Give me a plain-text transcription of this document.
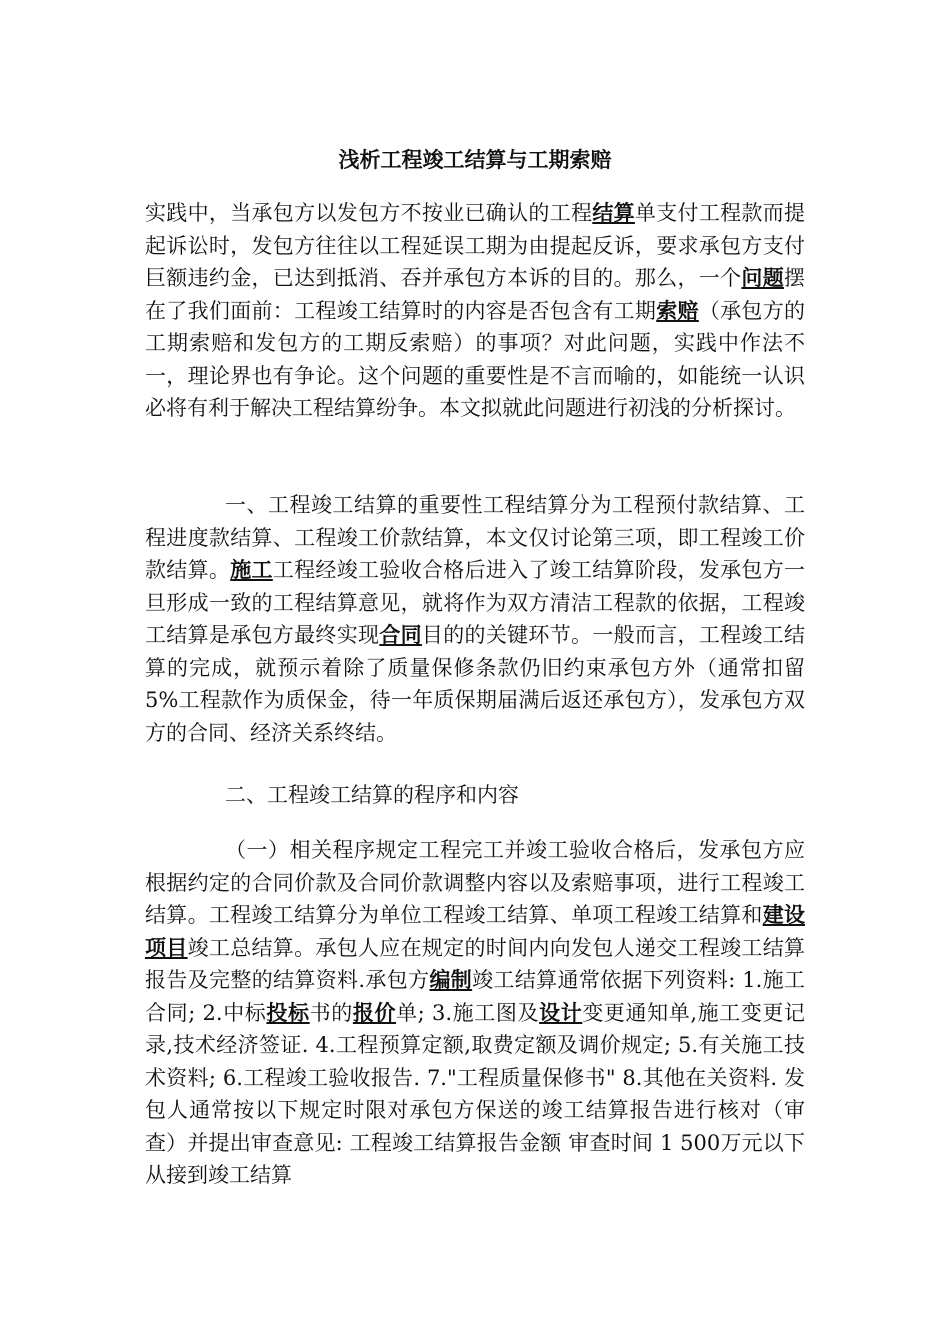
浅析工程竣工结算与工期索赔

实践中，当承包方以发包方不按业已确认的工程结算单支付工程款而提起诉讼时，发包方往往以工程延误工期为由提起反诉，要求承包方支付巨额违约金，已达到抵消、吞并承包方本诉的目的。那么，一个问题摆在了我们面前：工程竣工结算时的内容是否包含有工期索赔（承包方的工期索赔和发包方的工期反索赔）的事项？对此问题，实践中作法不一，理论界也有争论。这个问题的重要性是不言而喻的，如能统一认识必将有利于解决工程结算纷争。本文拟就此问题进行初浅的分析探讨。

一、工程竣工结算的重要性工程结算分为工程预付款结算、工程进度款结算、工程竣工价款结算，本文仅讨论第三项，即工程竣工价款结算。施工工程经竣工验收合格后进入了竣工结算阶段，发承包方一旦形成一致的工程结算意见，就将作为双方清洁工程款的依据，工程竣工结算是承包方最终实现合同目的的关键环节。一般而言，工程竣工结算的完成，就预示着除了质量保修条款仍旧约束承包方外（通常扣留5%工程款作为质保金，待一年质保期届满后返还承包方），发承包方双方的合同、经济关系终结。

二、工程竣工结算的程序和内容

（一）相关程序规定工程完工并竣工验收合格后，发承包方应根据约定的合同价款及合同价款调整内容以及索赔事项，进行工程竣工结算。工程竣工结算分为单位工程竣工结算、单项工程竣工结算和建设项目竣工总结算。承包人应在规定的时间内向发包人递交工程竣工结算报告及完整的结算资料.承包方编制竣工结算通常依据下列资料: 1.施工合同; 2.中标投标书的报价单; 3.施工图及设计变更通知单,施工变更记录,技术经济签证. 4.工程预算定额,取费定额及调价规定; 5.有关施工技术资料; 6.工程竣工验收报告. 7."工程质量保修书" 8.其他在关资料. 发包人通常按以下规定时限对承包方保送的竣工结算报告进行核对（审查）并提出审查意见: 工程竣工结算报告金额 审查时间 1 500万元以下 从接到竣工结算
